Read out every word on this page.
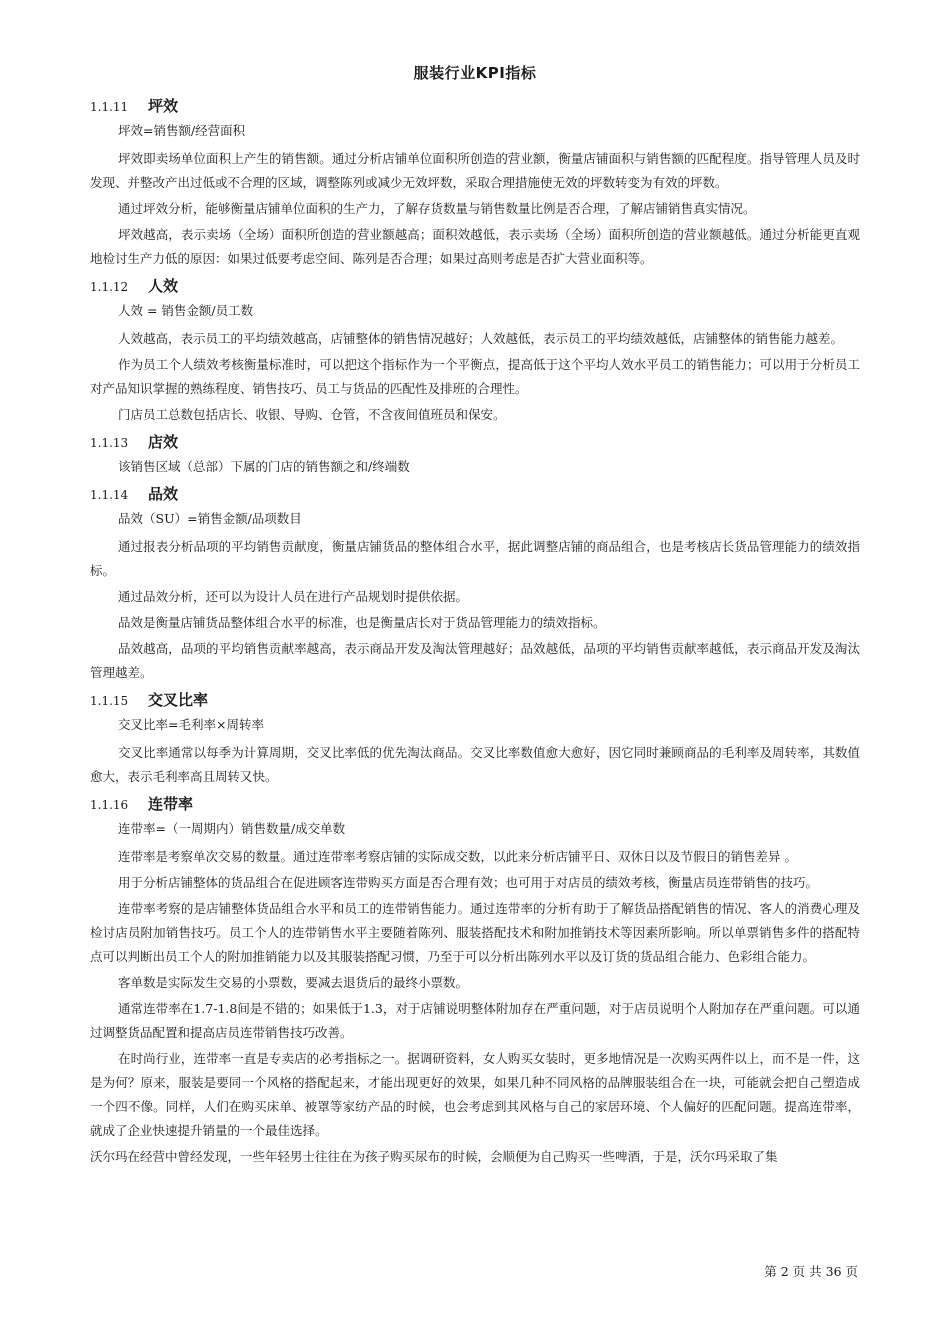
服装行业KPI指标
1.1.11	坪效

坪效=销售额/经营面积

坪效即卖场单位面积上产生的销售额。通过分析店铺单位面积所创造的营业额，衡量店铺面积与销售额的匹配程度。指导管理人员及时发现、并整改产出过低或不合理的区域，调整陈列或减少无效坪数，采取合理措施使无效的坪数转变为有效的坪数。

通过坪效分析，能够衡量店铺单位面积的生产力，了解存货数量与销售数量比例是否合理，了解店铺销售真实情况。

坪效越高，表示卖场（全场）面积所创造的营业额越高；面积效越低，表示卖场（全场）面积所创造的营业额越低。通过分析能更直观地检讨生产力低的原因：如果过低要考虑空间、陈列是否合理；如果过高则考虑是否扩大营业面积等。

1.1.12	人效

人效 = 销售金额/员工数

人效越高，表示员工的平均绩效越高，店铺整体的销售情况越好；人效越低，表示员工的平均绩效越低，店铺整体的销售能力越差。

作为员工个人绩效考核衡量标准时，可以把这个指标作为一个平衡点，提高低于这个平均人效水平员工的销售能力；可以用于分析员工对产品知识掌握的熟练程度、销售技巧、员工与货品的匹配性及排班的合理性。

门店员工总数包括店长、收银、导购、仓管，不含夜间值班员和保安。

1.1.13	店效

该销售区域（总部）下属的门店的销售额之和/终端数

1.1.14	品效

品效（SU）=销售金额/品项数目

通过报表分析品项的平均销售贡献度，衡量店铺货品的整体组合水平，据此调整店铺的商品组合，也是考核店长货品管理能力的绩效指标。

通过品效分析，还可以为设计人员在进行产品规划时提供依据。

品效是衡量店铺货品整体组合水平的标准，也是衡量店长对于货品管理能力的绩效指标。

品效越高，品项的平均销售贡献率越高，表示商品开发及淘汰管理越好；品效越低，品项的平均销售贡献率越低，表示商品开发及淘汰管理越差。

1.1.15	交叉比率

交叉比率=毛利率×周转率

交叉比率通常以每季为计算周期，交叉比率低的优先淘汰商品。交叉比率数值愈大愈好，因它同时兼顾商品的毛利率及周转率，其数值愈大，表示毛利率高且周转又快。

1.1.16	连带率

连带率=（一周期内）销售数量/成交单数

连带率是考察单次交易的数量。通过连带率考察店铺的实际成交数，以此来分析店铺平日、双休日以及节假日的销售差异 。

用于分析店铺整体的货品组合在促进顾客连带购买方面是否合理有效；也可用于对店员的绩效考核，衡量店员连带销售的技巧。

连带率考察的是店铺整体货品组合水平和员工的连带销售能力。通过连带率的分析有助于了解货品搭配销售的情况、客人的消费心理及检讨店员附加销售技巧。员工个人的连带销售水平主要随着陈列、服装搭配技术和附加推销技术等因素所影响。所以单票销售多件的搭配特点可以判断出员工个人的附加推销能力以及其服装搭配习惯，乃至于可以分析出陈列水平以及订货的货品组合能力、色彩组合能力。

客单数是实际发生交易的小票数，要减去退货后的最终小票数。

通常连带率在1.7-1.8间是不错的；如果低于1.3，对于店铺说明整体附加存在严重问题，对于店员说明个人附加存在严重问题。可以通过调整货品配置和提高店员连带销售技巧改善。

在时尚行业，连带率一直是专卖店的必考指标之一。据调研资料，女人购买女装时，更多地情况是一次购买两件以上，而不是一件，这是为何？原来，服装是要同一个风格的搭配起来，才能出现更好的效果，如果几种不同风格的品牌服装组合在一块，可能就会把自己塑造成一个四不像。同样，人们在购买床单、被罩等家纺产品的时候，也会考虑到其风格与自己的家居环境、个人偏好的匹配问题。提高连带率，就成了企业快速提升销量的一个最佳选择。

沃尔玛在经营中曾经发现，一些年轻男士往往在为孩子购买尿布的时候，会顺便为自己购买一些啤酒，于是，沃尔玛采取了集

第 2 页 共 36 页
